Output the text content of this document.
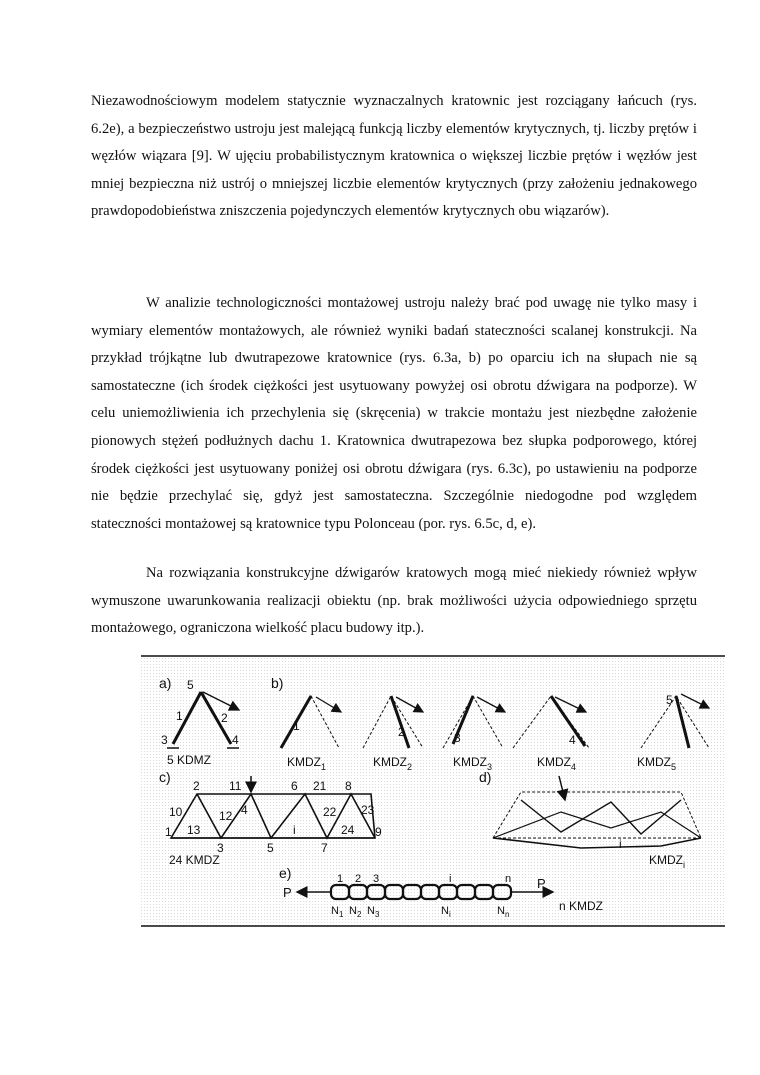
Niezawodnościowym modelem statycznie wyznaczalnych kratownic jest rozciągany łańcuch (rys. 6.2e), a bezpieczeństwo ustroju jest malejącą funkcją liczby elementów krytycznych, tj. liczby prętów i węzłów wiązara [9]. W ujęciu probabilistycznym kratownica o większej liczbie prętów i węzłów jest mniej bezpieczna niż ustrój o mniejszej liczbie elementów krytycznych (przy założeniu jednakowego prawdopodobieństwa zniszczenia pojedynczych elementów krytycznych obu wiązarów).

W analizie technologiczności montażowej ustroju należy brać pod uwagę nie tylko masy i wymiary elementów montażowych, ale również wyniki badań stateczności scalanej konstrukcji. Na przykład trójkątne lub dwutrapezowe kratownice (rys. 6.3a, b) po oparciu ich na słupach nie są samostateczne (ich środek ciężkości jest usytuowany powyżej osi obrotu dźwigara na podporze). W celu uniemożliwienia ich przechylenia się (skręcenia) w trakcie montażu jest niezbędne założenie pionowych stężeń podłużnych dachu 1. Kratownica dwutrapezowa bez słupka podporowego, której środek ciężkości jest usytuowany poniżej osi obrotu dźwigara (rys. 6.3c), po ustawieniu na podporze nie będzie przechylać się, gdyż jest samostateczna. Szczególnie niedogodne pod względem stateczności montażowej są kratownice typu Polonceau (por. rys. 6.5c, d, e).

Na rozwiązania konstrukcyjne dźwigarów kratowych mogą mieć niekiedy również wpływ wymuszone uwarunkowania realizacji obiektu (np. brak możliwości użycia odpowiedniego sprzętu montażowego, ograniczona wielkość placu budowy itp.).

a) 5
1	2
3	4
5 KDMZ
b)
1	2	3	4
5
$KMDZ_1$	$KMDZ_2$	$KMDZ_3$	$KMDZ_4$	$KMDZ_5$
c)
2 11	6 21 8
10	12 4	22 23
1 13
3	5
i
7
24 9
24 KMDZ
d)
i
$KMDZ_i$
e)
P
P
1 2 3	i	n
$N_1$ $N_2$ $N_3$	$N_i$	$N_n$
n KMDZ
